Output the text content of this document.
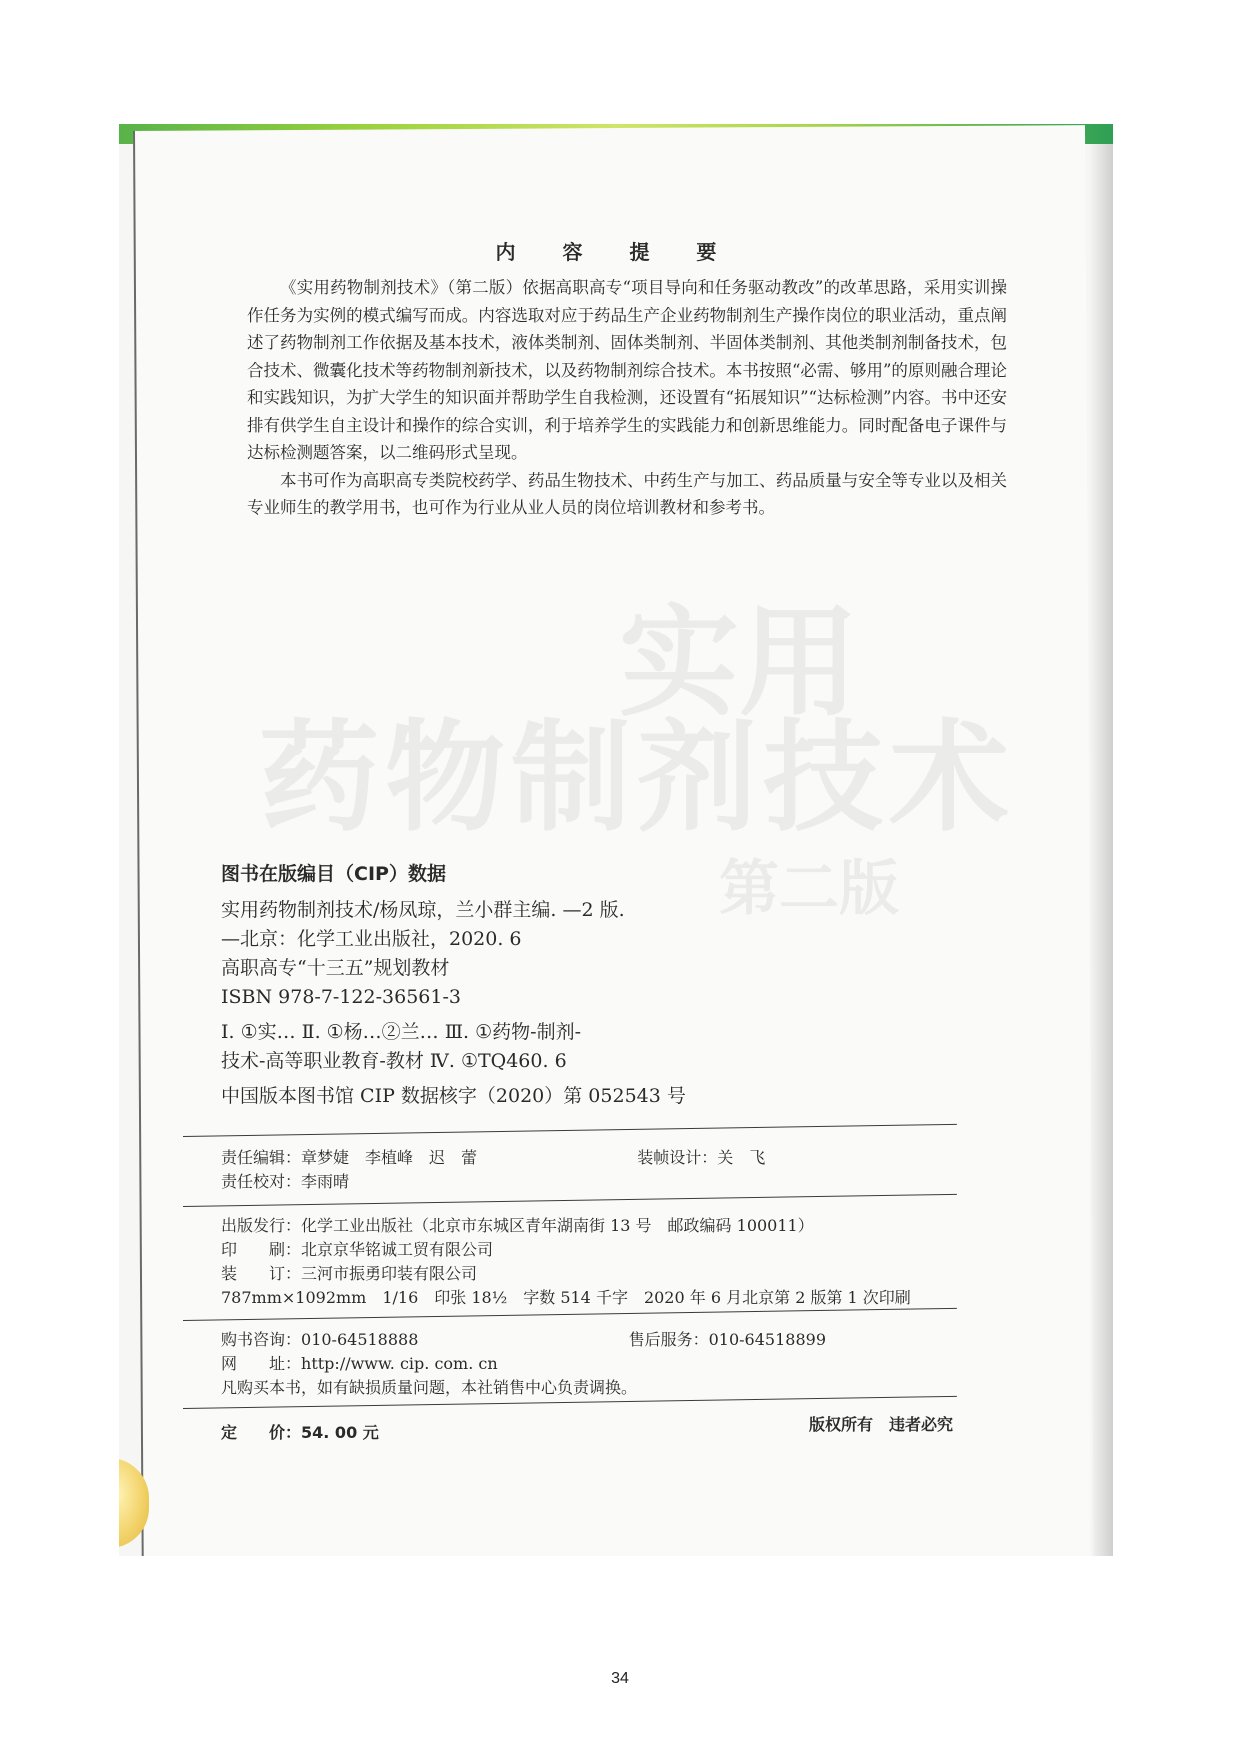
实用
药物制剂技术
第二版
内 容 提 要

《实用药物制剂技术》（第二版）依据高职高专“项目导向和任务驱动教改”的改革思路，采用实训操作任务为实例的模式编写而成。内容选取对应于药品生产企业药物制剂生产操作岗位的职业活动，重点阐述了药物制剂工作依据及基本技术，液体类制剂、固体类制剂、半固体类制剂、其他类制剂制备技术，包合技术、微囊化技术等药物制剂新技术，以及药物制剂综合技术。本书按照“必需、够用”的原则融合理论和实践知识，为扩大学生的知识面并帮助学生自我检测，还设置有“拓展知识”“达标检测”内容。书中还安排有供学生自主设计和操作的综合实训，利于培养学生的实践能力和创新思维能力。同时配备电子课件与达标检测题答案，以二维码形式呈现。

本书可作为高职高专类院校药学、药品生物技术、中药生产与加工、药品质量与安全等专业以及相关专业师生的教学用书，也可作为行业从业人员的岗位培训教材和参考书。

图书在版编目（CIP）数据
实用药物制剂技术/杨凤琼，兰小群主编. —2 版.
—北京：化学工业出版社，2020. 6
高职高专“十三五”规划教材
ISBN 978-7-122-36561-3
Ⅰ. ①实… Ⅱ. ①杨…②兰… Ⅲ. ①药物-制剂-
技术-高等职业教育-教材 Ⅳ. ①TQ460. 6
中国版本图书馆 CIP 数据核字（2020）第 052543 号
责任编辑：章梦婕　李植峰　迟　蕾	装帧设计：关　飞
责任校对：李雨晴
出版发行：化学工业出版社（北京市东城区青年湖南街 13 号　邮政编码 100011）
印　　刷：北京京华铭诚工贸有限公司
装　　订：三河市振勇印装有限公司
787mm×1092mm　1/16　印张 18½　字数 514 千字　2020 年 6 月北京第 2 版第 1 次印刷
购书咨询：010-64518888	售后服务：010-64518899
网　　址：http://www. cip. com. cn
凡购买本书，如有缺损质量问题，本社销售中心负责调换。
定　　价：54. 00 元	版权所有　违者必究
34
